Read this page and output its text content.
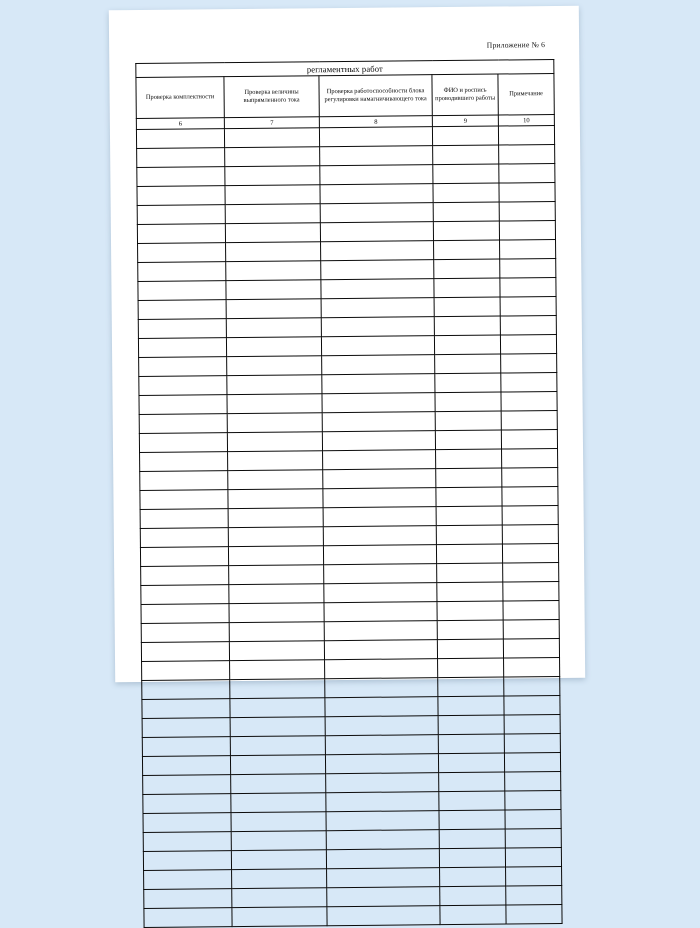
Приложение № 6
регламентных работ				
Проверка комплектности	Проверка величины выпрямленного тока	Проверка работоспособности блока регулировки намагничивающего тока	ФИО и роспись проводившего работы	Примечание
6	7	8	9	10
